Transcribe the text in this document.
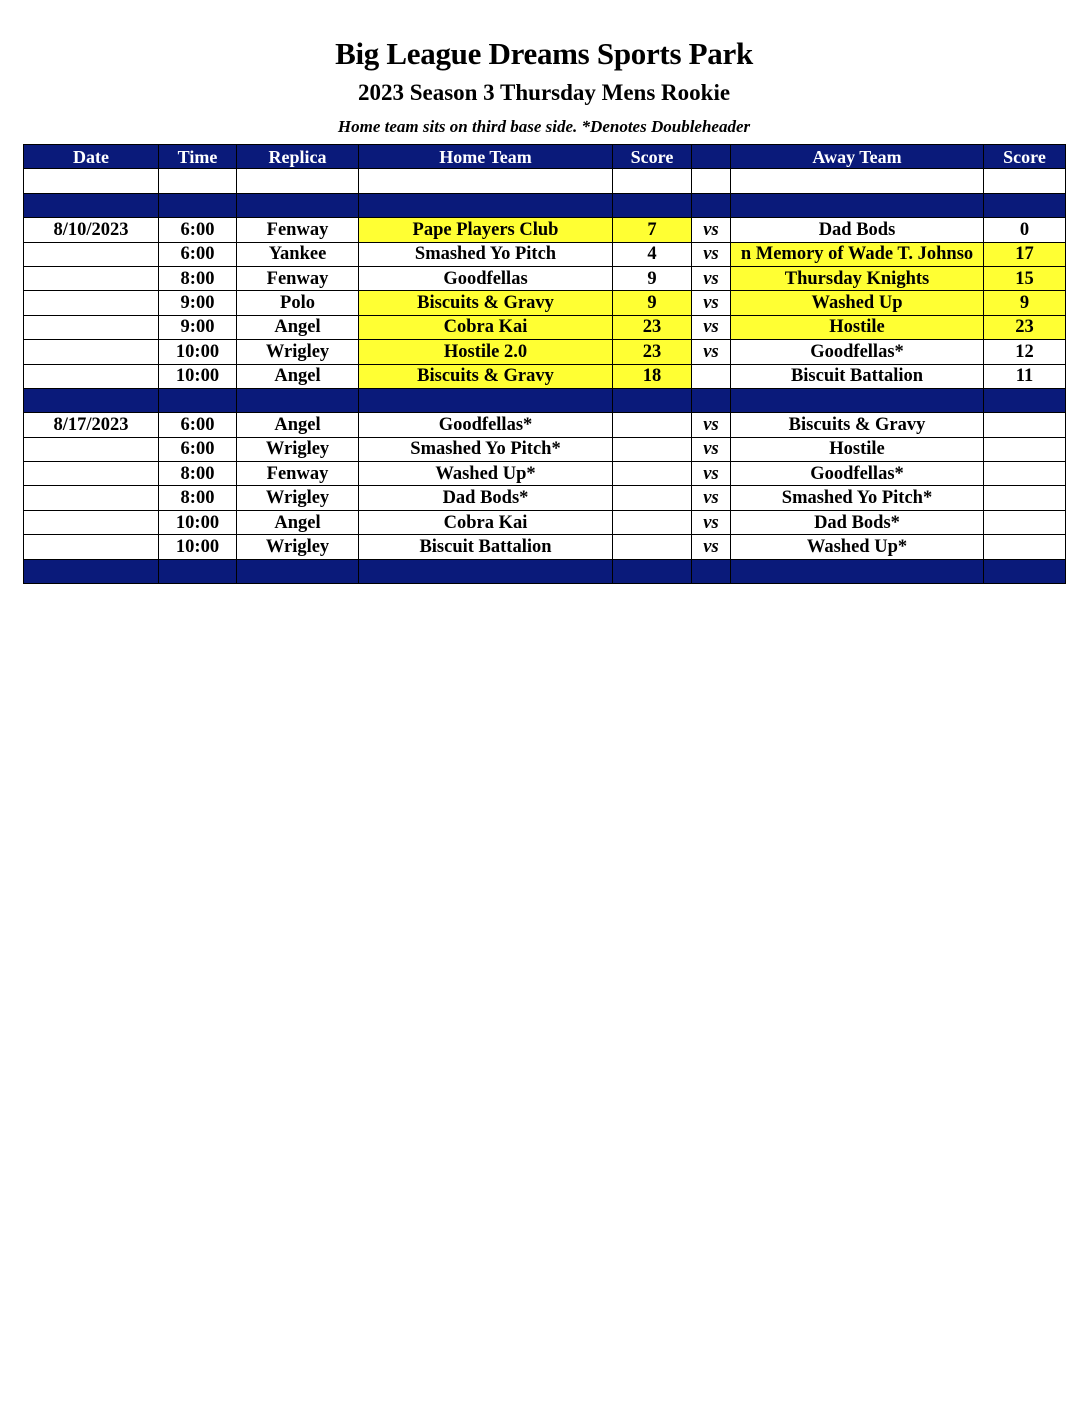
Big League Dreams Sports Park
2023 Season 3 Thursday Mens Rookie
Home team sits on third base side. *Denotes Doubleheader
Date	Time	Replica	Home Team	Score		Away Team	Score

8/10/2023	6:00	Fenway	Pape Players Club	7	vs	Dad Bods	0
	6:00	Yankee	Smashed Yo Pitch	4	vs	n Memory of Wade T. Johnso	17
	8:00	Fenway	Goodfellas	9	vs	Thursday Knights	15
	9:00	Polo	Biscuits & Gravy	9	vs	Washed Up	9
	9:00	Angel	Cobra Kai	23	vs	Hostile	23
	10:00	Wrigley	Hostile 2.0	23	vs	Goodfellas*	12
	10:00	Angel	Biscuits & Gravy	18		Biscuit Battalion	11

8/17/2023	6:00	Angel	Goodfellas*		vs	Biscuits & Gravy	
	6:00	Wrigley	Smashed Yo Pitch*		vs	Hostile	
	8:00	Fenway	Washed Up*		vs	Goodfellas*	
	8:00	Wrigley	Dad Bods*		vs	Smashed Yo Pitch*	
	10:00	Angel	Cobra Kai		vs	Dad Bods*	
	10:00	Wrigley	Biscuit Battalion		vs	Washed Up*	
